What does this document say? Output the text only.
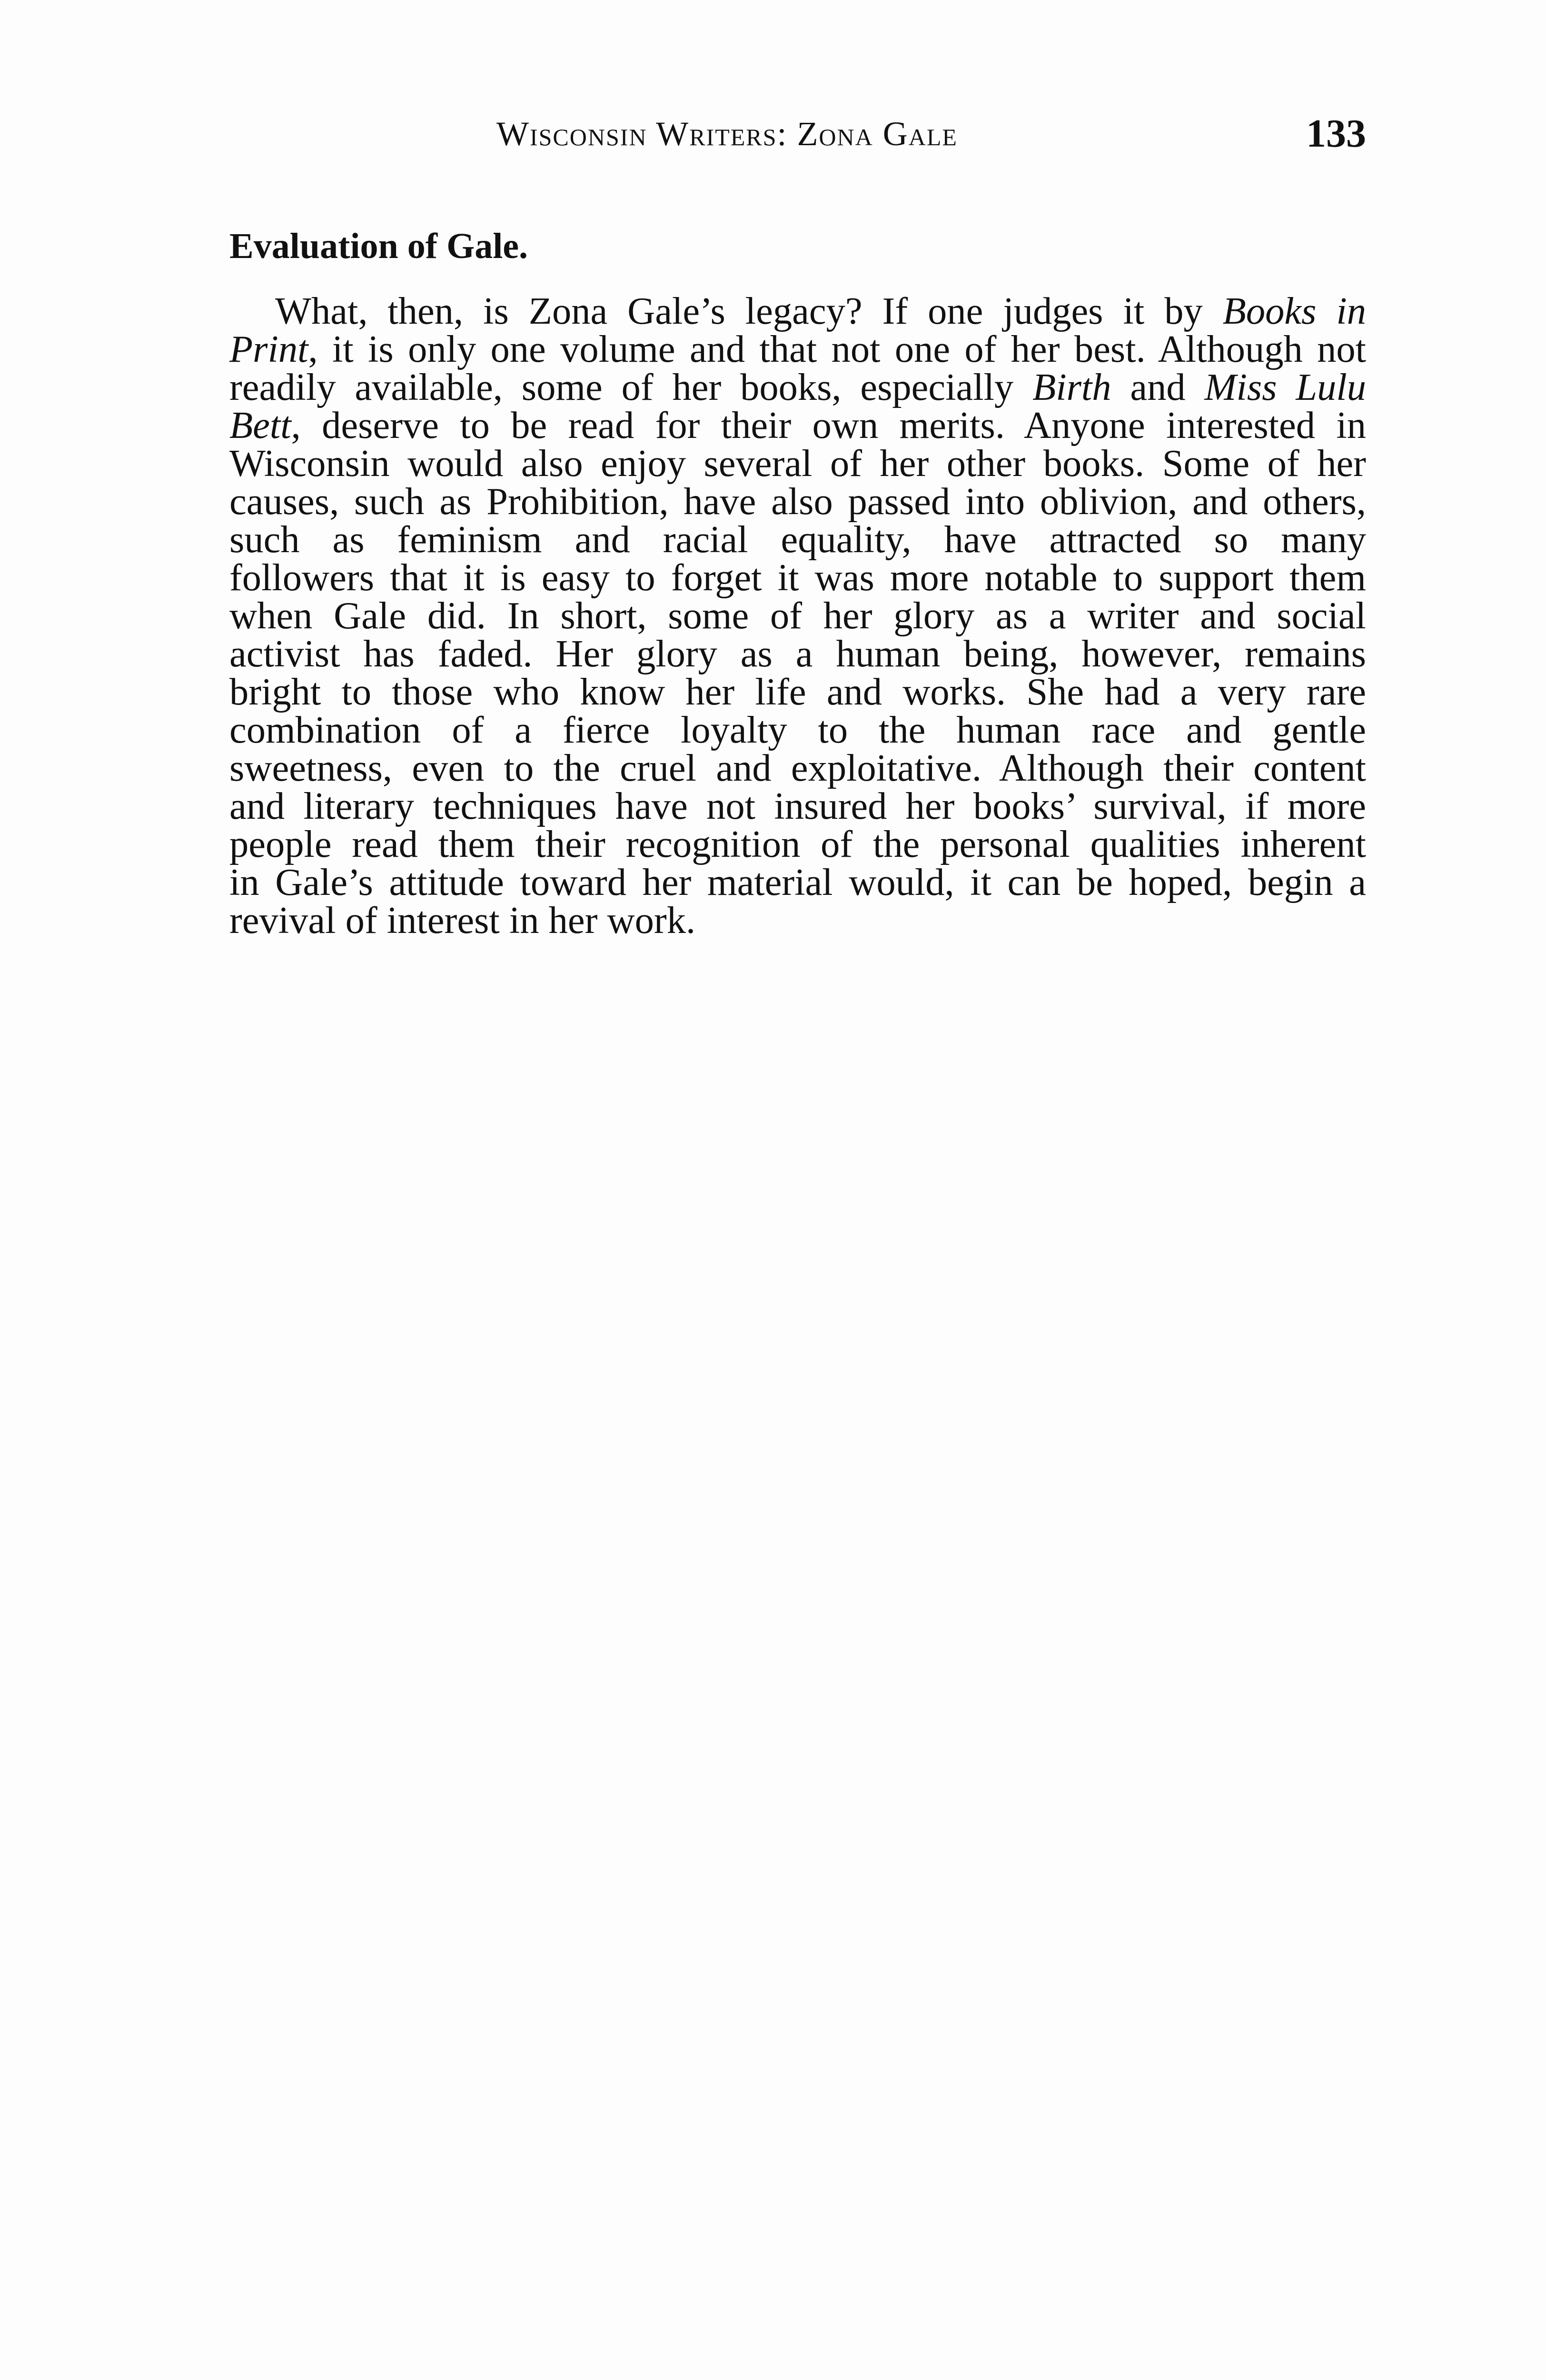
Wisconsin Writers: Zona Gale	133
Evaluation of Gale.
What, then, is Zona Gale’s legacy? If one judges it by Books in
Print, it is only one volume and that not one of her best. Although not
readily available, some of her books, especially Birth and Miss Lulu
Bett, deserve to be read for their own merits. Anyone interested in
Wisconsin would also enjoy several of her other books. Some of her
causes, such as Prohibition, have also passed into oblivion, and others,
such as feminism and racial equality, have attracted so many
followers that it is easy to forget it was more notable to support them
when Gale did. In short, some of her glory as a writer and social
activist has faded. Her glory as a human being, however, remains
bright to those who know her life and works. She had a very rare
combination of a fierce loyalty to the human race and gentle
sweetness, even to the cruel and exploitative. Although their content
and literary techniques have not insured her books’ survival, if more
people read them their recognition of the personal qualities inherent
in Gale’s attitude toward her material would, it can be hoped, begin a
revival of interest in her work.
